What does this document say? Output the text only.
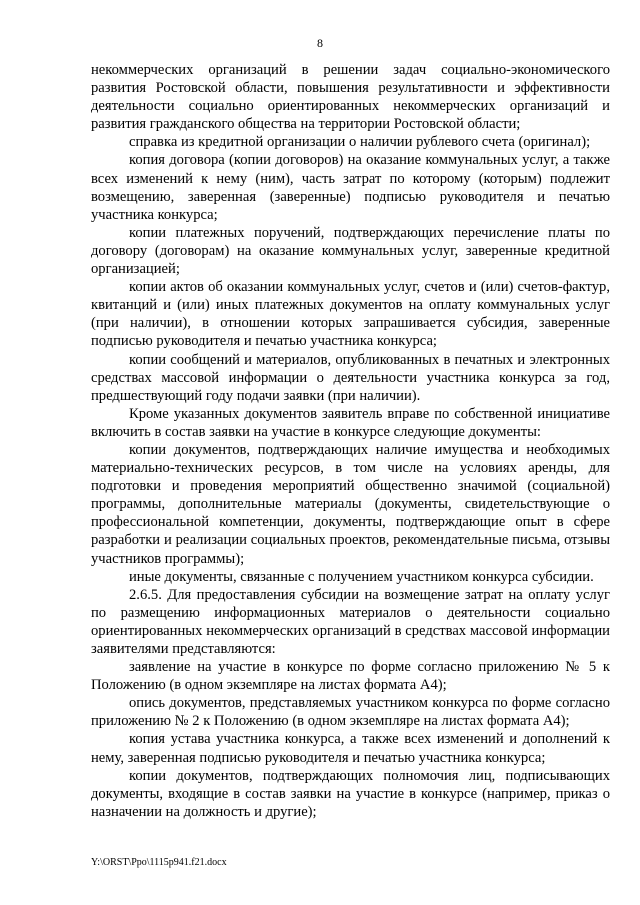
8

некоммерческих организаций в решении задач социально-экономического развития Ростовской области, повышения результативности и эффективности деятельности социально ориентированных некоммерческих организаций и развития гражданского общества на территории Ростовской области;

справка из кредитной организации о наличии рублевого счета (оригинал);

копия договора (копии договоров) на оказание коммунальных услуг, а также всех изменений к нему (ним), часть затрат по которому (которым) подлежит возмещению, заверенная (заверенные) подписью руководителя и печатью участника конкурса;

копии платежных поручений, подтверждающих перечисление платы по договору (договорам) на оказание коммунальных услуг, заверенные кредитной организацией;

копии актов об оказании коммунальных услуг, счетов и (или) счетов-фактур, квитанций и (или) иных платежных документов на оплату коммунальных услуг (при наличии), в отношении которых запрашивается субсидия, заверенные подписью руководителя и печатью участника конкурса;

копии сообщений и материалов, опубликованных в печатных и электронных средствах массовой информации о деятельности участника конкурса за год, предшествующий году подачи заявки (при наличии).

Кроме указанных документов заявитель вправе по собственной инициативе включить в состав заявки на участие в конкурсе следующие документы:

копии документов, подтверждающих наличие имущества и необходимых материально-технических ресурсов, в том числе на условиях аренды, для подготовки и проведения мероприятий общественно значимой (социальной) программы, дополнительные материалы (документы, свидетельствующие о профессиональной компетенции, документы, подтверждающие опыт в сфере разработки и реализации социальных проектов, рекомендательные письма, отзывы участников программы);

иные документы, связанные с получением участником конкурса субсидии.

2.6.5. Для предоставления субсидии на возмещение затрат на оплату услуг по размещению информационных материалов о деятельности социально ориентированных некоммерческих организаций в средствах массовой информации заявителями представляются:

заявление на участие в конкурсе по форме согласно приложению № 5 к Положению (в одном экземпляре на листах формата А4);

опись документов, представляемых участником конкурса по форме согласно приложению № 2 к Положению (в одном экземпляре на листах формата А4);

копия устава участника конкурса, а также всех изменений и дополнений к нему, заверенная подписью руководителя и печатью участника конкурса;

копии документов, подтверждающих полномочия лиц, подписывающих документы, входящие в состав заявки на участие в конкурсе (например, приказ о назначении на должность и другие);

Y:\ORST\Ppo\1115p941.f21.docx
